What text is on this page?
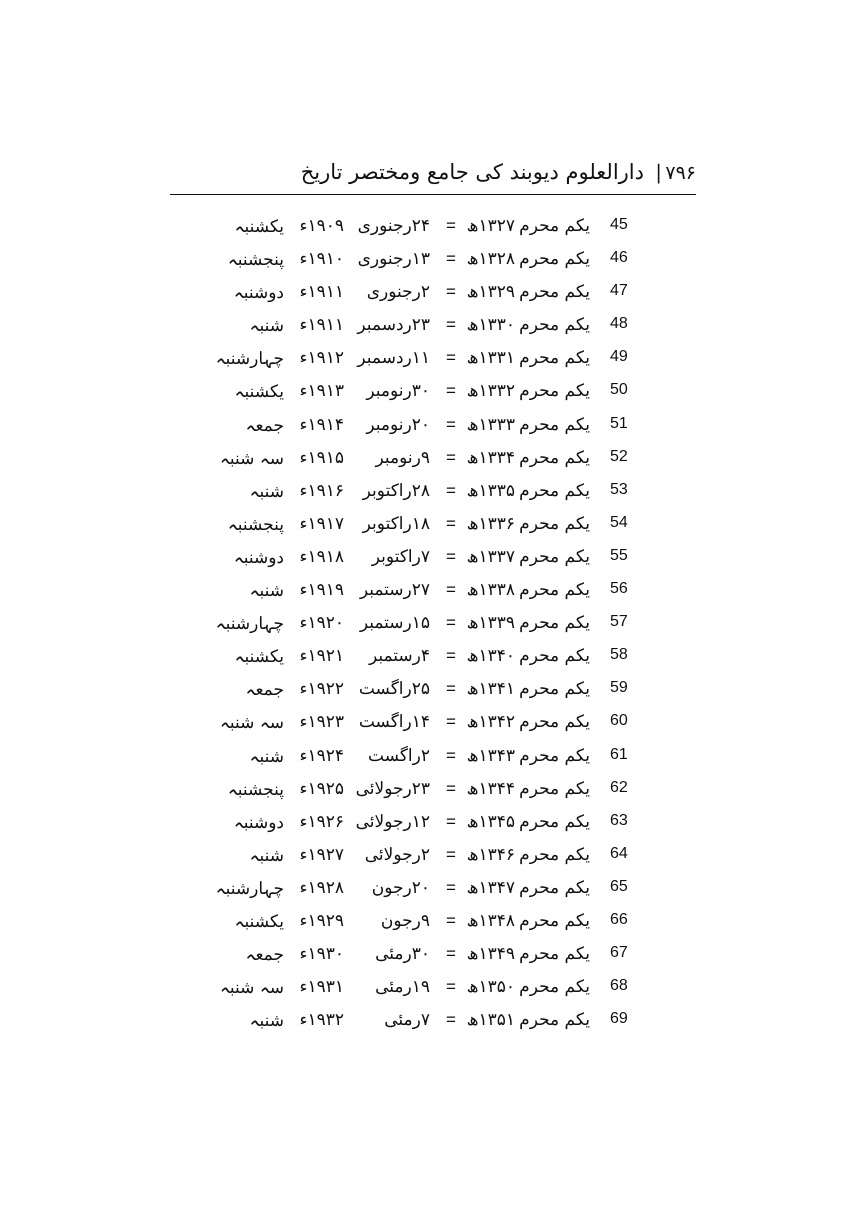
۷۹۶
|
دارالعلوم دیوبند کی جامع ومختصر تاریخ
45
یکم محرم
۱۳۲۷ھ
=
۲۴رجنوری
۱۹۰۹ء
یکشنبہ
46
یکم محرم
۱۳۲۸ھ
=
۱۳رجنوری
۱۹۱۰ء
پنجشنبہ
47
یکم محرم
۱۳۲۹ھ
=
۲رجنوری
۱۹۱۱ء
دوشنبہ
48
یکم محرم
۱۳۳۰ھ
=
۲۳ردسمبر
۱۹۱۱ء
شنبہ
49
یکم محرم
۱۳۳۱ھ
=
۱۱ردسمبر
۱۹۱۲ء
چہارشنبہ
50
یکم محرم
۱۳۳۲ھ
=
۳۰رنومبر
۱۹۱۳ء
یکشنبہ
51
یکم محرم
۱۳۳۳ھ
=
۲۰رنومبر
۱۹۱۴ء
جمعہ
52
یکم محرم
۱۳۳۴ھ
=
۹رنومبر
۱۹۱۵ء
سہ شنبہ
53
یکم محرم
۱۳۳۵ھ
=
۲۸راکتوبر
۱۹۱۶ء
شنبہ
54
یکم محرم
۱۳۳۶ھ
=
۱۸راکتوبر
۱۹۱۷ء
پنجشنبہ
55
یکم محرم
۱۳۳۷ھ
=
۷راکتوبر
۱۹۱۸ء
دوشنبہ
56
یکم محرم
۱۳۳۸ھ
=
۲۷رستمبر
۱۹۱۹ء
شنبہ
57
یکم محرم
۱۳۳۹ھ
=
۱۵رستمبر
۱۹۲۰ء
چہارشنبہ
58
یکم محرم
۱۳۴۰ھ
=
۴رستمبر
۱۹۲۱ء
یکشنبہ
59
یکم محرم
۱۳۴۱ھ
=
۲۵راگست
۱۹۲۲ء
جمعہ
60
یکم محرم
۱۳۴۲ھ
=
۱۴راگست
۱۹۲۳ء
سہ شنبہ
61
یکم محرم
۱۳۴۳ھ
=
۲راگست
۱۹۲۴ء
شنبہ
62
یکم محرم
۱۳۴۴ھ
=
۲۳رجولائی
۱۹۲۵ء
پنجشنبہ
63
یکم محرم
۱۳۴۵ھ
=
۱۲رجولائی
۱۹۲۶ء
دوشنبہ
64
یکم محرم
۱۳۴۶ھ
=
۲رجولائی
۱۹۲۷ء
شنبہ
65
یکم محرم
۱۳۴۷ھ
=
۲۰رجون
۱۹۲۸ء
چہارشنبہ
66
یکم محرم
۱۳۴۸ھ
=
۹رجون
۱۹۲۹ء
یکشنبہ
67
یکم محرم
۱۳۴۹ھ
=
۳۰رمئی
۱۹۳۰ء
جمعہ
68
یکم محرم
۱۳۵۰ھ
=
۱۹رمئی
۱۹۳۱ء
سہ شنبہ
69
یکم محرم
۱۳۵۱ھ
=
۷رمئی
۱۹۳۲ء
شنبہ
